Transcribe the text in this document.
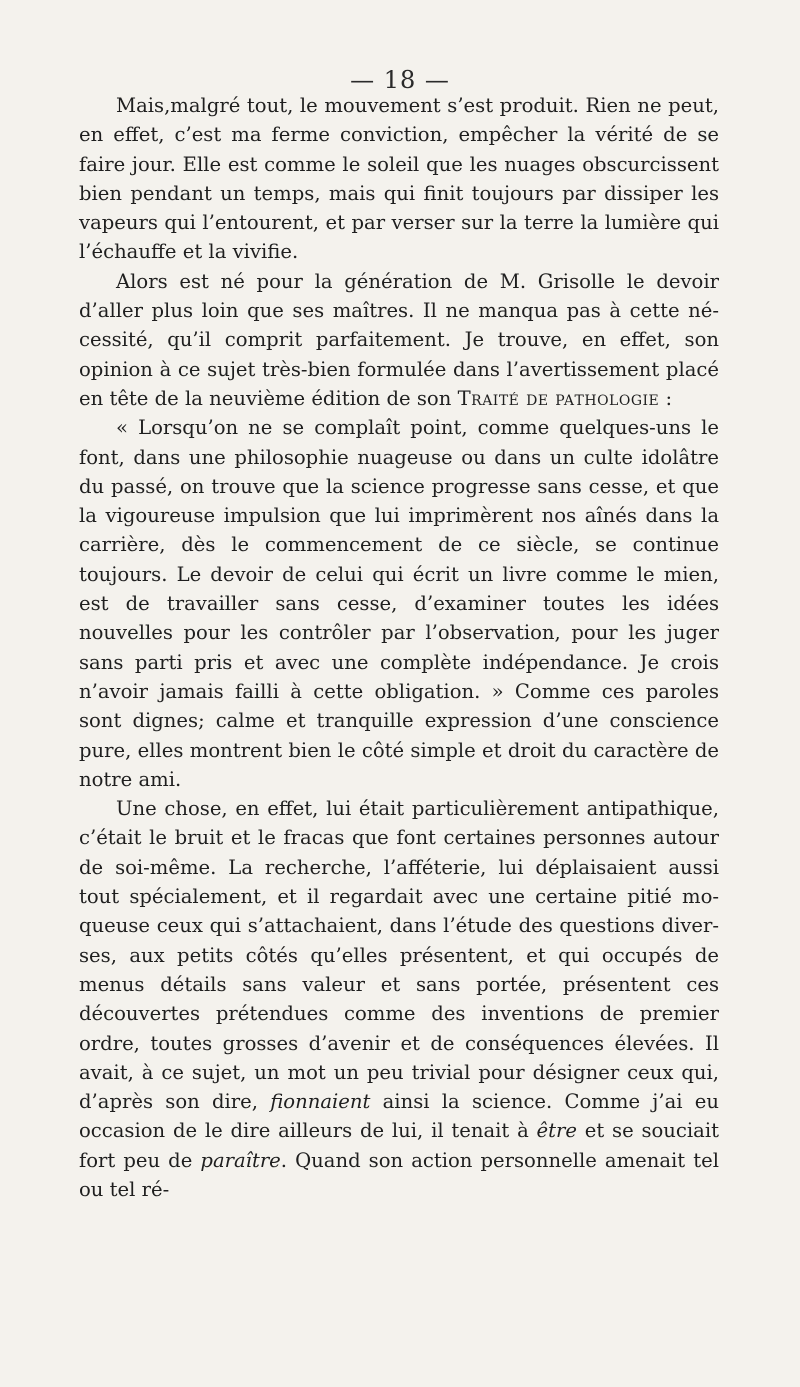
— 18 —

Mais,malgré tout, le mouvement s’est produit. Rien ne peut, en effet, c’est ma ferme conviction, empêcher la vérité de se faire jour. Elle est comme le soleil que les nuages obscurcissent bien pendant un temps, mais qui finit toujours par dissiper les vapeurs qui l’entourent, et par verser sur la terre la lumière qui l’échauffe et la vivifie.

Alors est né pour la génération de M. Grisolle le devoir d’aller plus loin que ses maîtres. Il ne manqua pas à cette nécessité, qu’il comprit parfaitement. Je trouve, en effet, son opinion à ce sujet très-bien formulée dans l’avertissement placé en tête de la neuvième édition de son Traité de pathologie :

« Lorsqu’on ne se complaît point, comme quelques-uns le font, dans une philosophie nuageuse ou dans un culte idolâtre du passé, on trouve que la science progresse sans cesse, et que la vigoureuse impulsion que lui imprimèrent nos aînés dans la carrière, dès le commencement de ce siècle, se continue toujours. Le devoir de celui qui écrit un livre comme le mien, est de travailler sans cesse, d’examiner toutes les idées nouvelles pour les contrôler par l’observation, pour les juger sans parti pris et avec une complète indépendance. Je crois n’avoir jamais failli à cette obligation. » Comme ces paroles sont dignes; calme et tranquille expression d’une conscience pure, elles montrent bien le côté simple et droit du caractère de notre ami.

Une chose, en effet, lui était particulièrement antipathique, c’était le bruit et le fracas que font certaines personnes autour de soi-même. La recherche, l’afféterie, lui déplaisaient aussi tout spécialement, et il regardait avec une certaine pitié moqueuse ceux qui s’attachaient, dans l’étude des questions diverses, aux petits côtés qu’elles présentent, et qui occupés de menus détails sans valeur et sans portée, présentent ces découvertes prétendues comme des inventions de premier ordre, toutes grosses d’avenir et de conséquences élevées. Il avait, à ce sujet, un mot un peu trivial pour désigner ceux qui, d’après son dire, fionnaient ainsi la science. Comme j’ai eu occasion de le dire ailleurs de lui, il tenait à être et se souciait fort peu de paraître. Quand son action personnelle amenait tel ou tel ré-
